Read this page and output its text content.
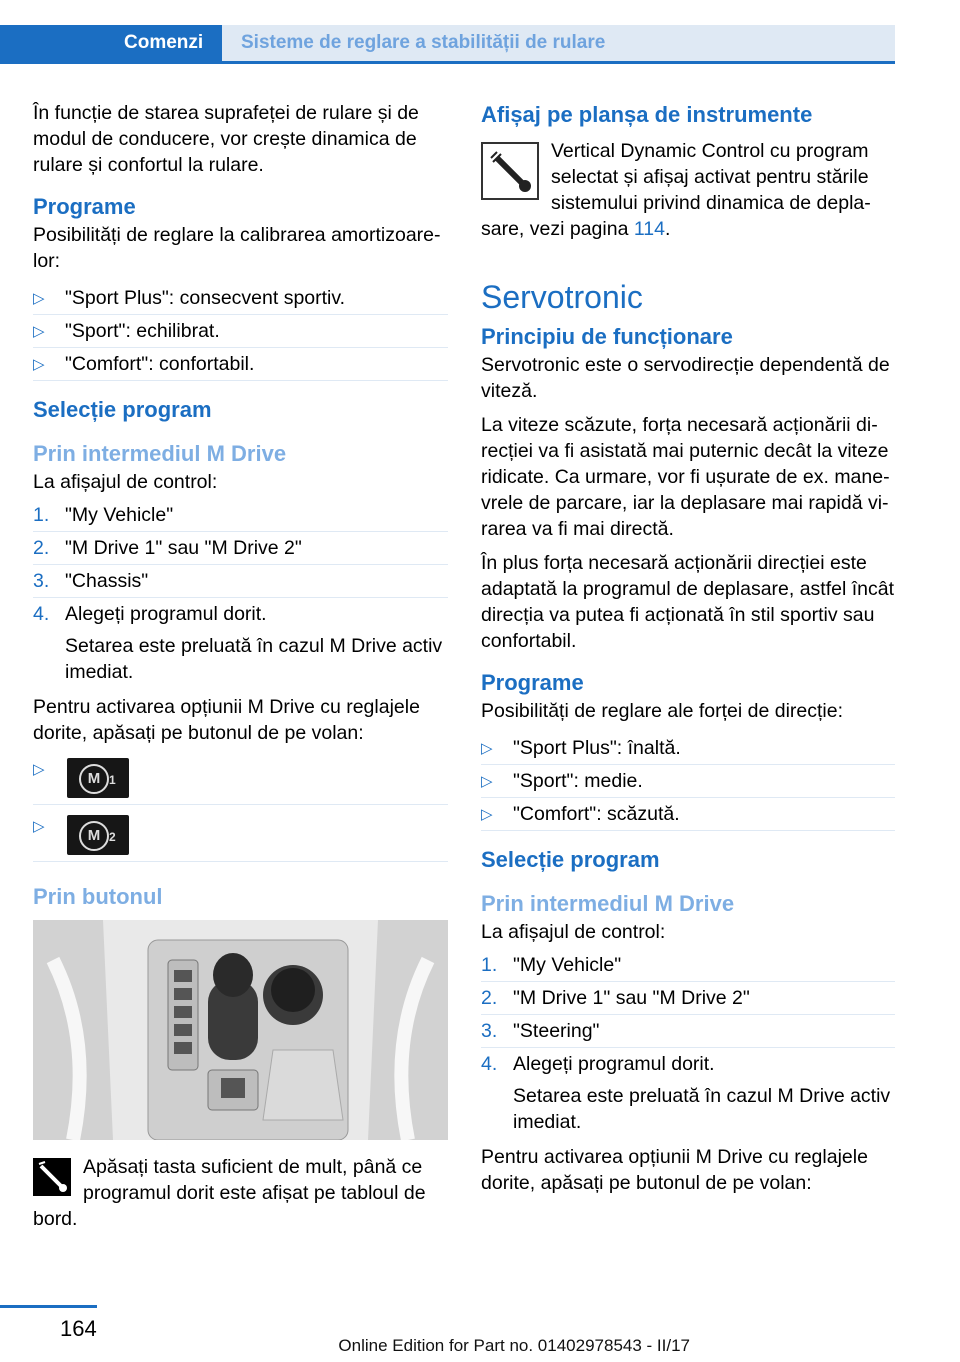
Comenzi Sisteme de reglare a stabilității de rulare

În funcție de starea suprafeței de rulare și de modul de conducere, vor crește dinamica de rulare și confortul la rulare.

Programe

Posibilități de reglare la calibrarea amortizoarelor:

▷ "Sport Plus": consecvent sportiv.
▷ "Sport": echilibrat.
▷ "Comfort": confortabil.
Selecție program
Prin intermediul M Drive

La afișajul de control:

1. "My Vehicle"
2. "M Drive 1" sau "M Drive 2"
3. "Chassis"
4. Alegeți programul dorit.
Setarea este preluată în cazul M Drive activ imediat.

Pentru activarea opțiunii M Drive cu reglajele dorite, apăsați pe butonul de pe volan:

▷
M 1
▷
M 2
Prin butonul

Apăsați tasta suficient de mult, până ce programul dorit este afișat pe tabloul de bord.

Afișaj pe planșa de instrumente

Vertical Dynamic Control cu program selectat și afișaj activat pentru stările sistemului privind dinamica de deplasare, vezi pagina 114.

Servotronic
Principiu de funcționare

Servotronic este o servodirecție dependentă de viteză.

La viteze scăzute, forța necesară acționării direcției va fi asistată mai puternic decât la viteze ridicate. Ca urmare, vor fi ușurate de ex. manevrele de parcare, iar la deplasare mai rapidă virarea va fi mai directă.

În plus forța necesară acționării direcției este adaptată la programul de deplasare, astfel încât direcția va putea fi acționată în stil sportiv sau confortabil.

Programe

Posibilități de reglare ale forței de direcție:

▷ "Sport Plus": înaltă.
▷ "Sport": medie.
▷ "Comfort": scăzută.
Selecție program
Prin intermediul M Drive

La afișajul de control:

1. "My Vehicle"
2. "M Drive 1" sau "M Drive 2"
3. "Steering"
4. Alegeți programul dorit.
Setarea este preluată în cazul M Drive activ imediat.

Pentru activarea opțiunii M Drive cu reglajele dorite, apăsați pe butonul de pe volan:

164
Online Edition for Part no. 01402978543 - II/17
